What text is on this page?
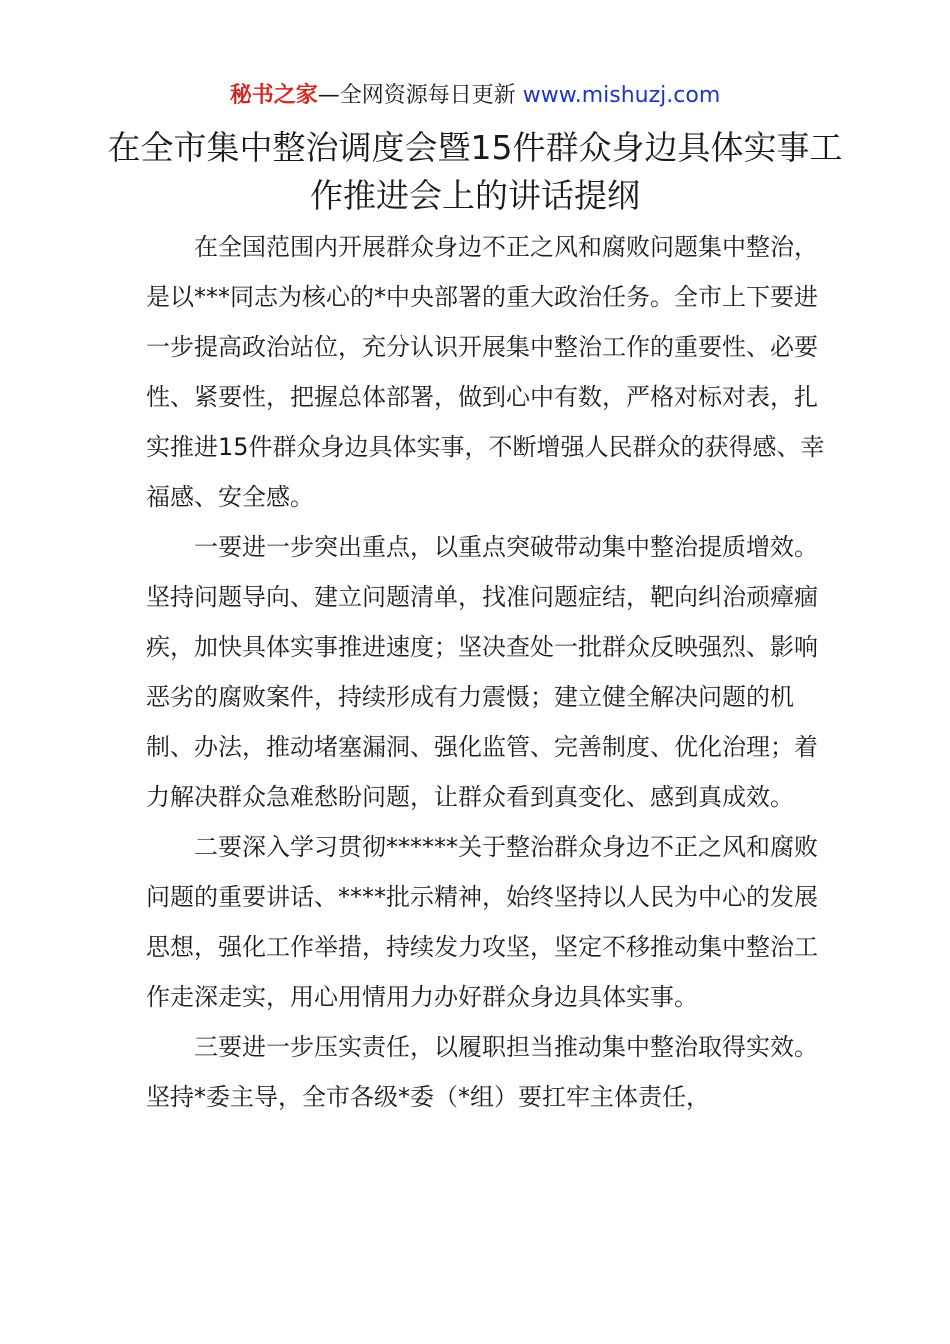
秘书之家—全网资源每日更新 www.mishuzj.com
在全市集中整治调度会暨15件群众身边具体实事工作推进会上的讲话提纲

在全国范围内开展群众身边不正之风和腐败问题集中整治，是以***同志为核心的*中央部署的重大政治任务。全市上下要进一步提高政治站位，充分认识开展集中整治工作的重要性、必要性、紧要性，把握总体部署，做到心中有数，严格对标对表，扎实推进15件群众身边具体实事，不断增强人民群众的获得感、幸福感、安全感。

一要进一步突出重点，以重点突破带动集中整治提质增效。坚持问题导向、建立问题清单，找准问题症结，靶向纠治顽瘴痼疾，加快具体实事推进速度；坚决查处一批群众反映强烈、影响恶劣的腐败案件，持续形成有力震慑；建立健全解决问题的机制、办法，推动堵塞漏洞、强化监管、完善制度、优化治理；着力解决群众急难愁盼问题，让群众看到真变化、感到真成效。

二要深入学习贯彻******关于整治群众身边不正之风和腐败问题的重要讲话、****批示精神，始终坚持以人民为中心的发展思想，强化工作举措，持续发力攻坚，坚定不移推动集中整治工作走深走实，用心用情用力办好群众身边具体实事。

三要进一步压实责任，以履职担当推动集中整治取得实效。坚持*委主导，全市各级*委（*组）要扛牢主体责任，
